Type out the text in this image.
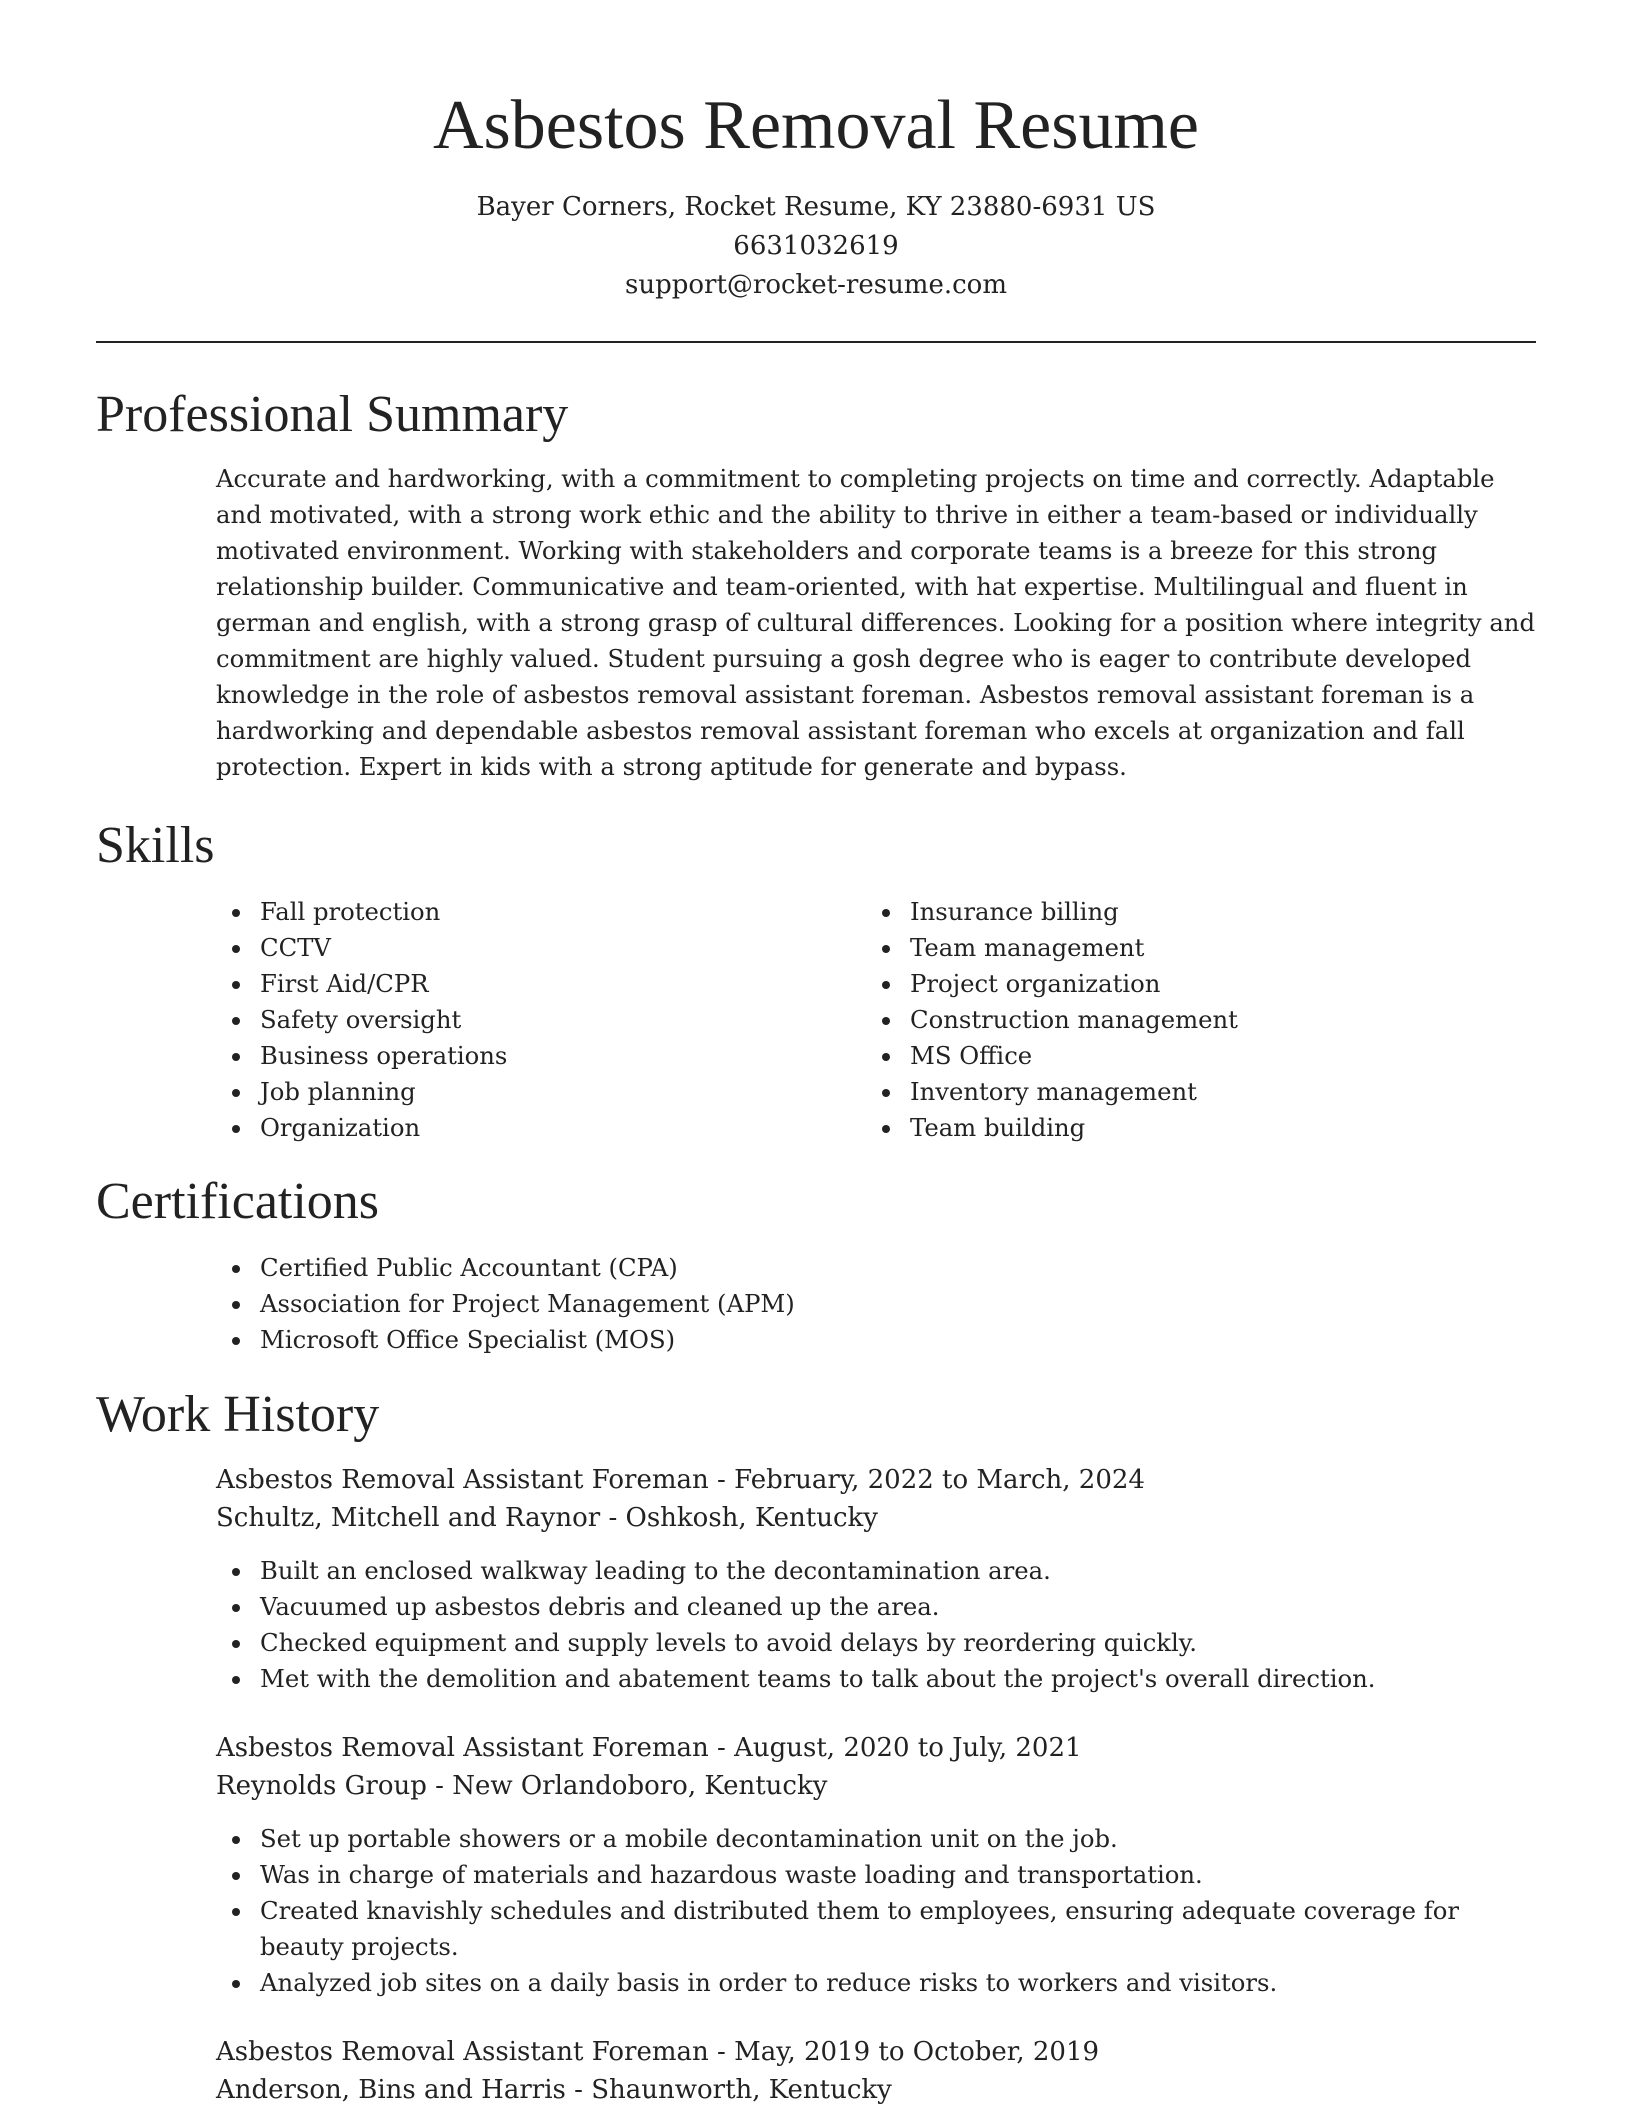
Asbestos Removal Resume
Bayer Corners, Rocket Resume, KY 23880-6931 US
6631032619
support@rocket-resume.com
Professional Summary
Accurate and hardworking, with a commitment to completing projects on time and correctly. Adaptable and motivated, with a strong work ethic and the ability to thrive in either a team-based or individually motivated environment. Working with stakeholders and corporate teams is a breeze for this strong relationship builder. Communicative and team-oriented, with hat expertise. Multilingual and fluent in german and english, with a strong grasp of cultural differences. Looking for a position where integrity and commitment are highly valued. Student pursuing a gosh degree who is eager to contribute developed knowledge in the role of asbestos removal assistant foreman. Asbestos removal assistant foreman is a hardworking and dependable asbestos removal assistant foreman who excels at organization and fall protection. Expert in kids with a strong aptitude for generate and bypass.
Skills
Fall protection
CCTV
First Aid/CPR
Safety oversight
Business operations
Job planning
Organization
Insurance billing
Team management
Project organization
Construction management
MS Office
Inventory management
Team building
Certifications
Certified Public Accountant (CPA)
Association for Project Management (APM)
Microsoft Office Specialist (MOS)
Work History
Asbestos Removal Assistant Foreman - February, 2022 to March, 2024
Schultz, Mitchell and Raynor - Oshkosh, Kentucky
Built an enclosed walkway leading to the decontamination area.
Vacuumed up asbestos debris and cleaned up the area.
Checked equipment and supply levels to avoid delays by reordering quickly.
Met with the demolition and abatement teams to talk about the project's overall direction.
Asbestos Removal Assistant Foreman - August, 2020 to July, 2021
Reynolds Group - New Orlandoboro, Kentucky
Set up portable showers or a mobile decontamination unit on the job.
Was in charge of materials and hazardous waste loading and transportation.
Created knavishly schedules and distributed them to employees, ensuring adequate coverage for beauty projects.
Analyzed job sites on a daily basis in order to reduce risks to workers and visitors.
Asbestos Removal Assistant Foreman - May, 2019 to October, 2019
Anderson, Bins and Harris - Shaunworth, Kentucky
